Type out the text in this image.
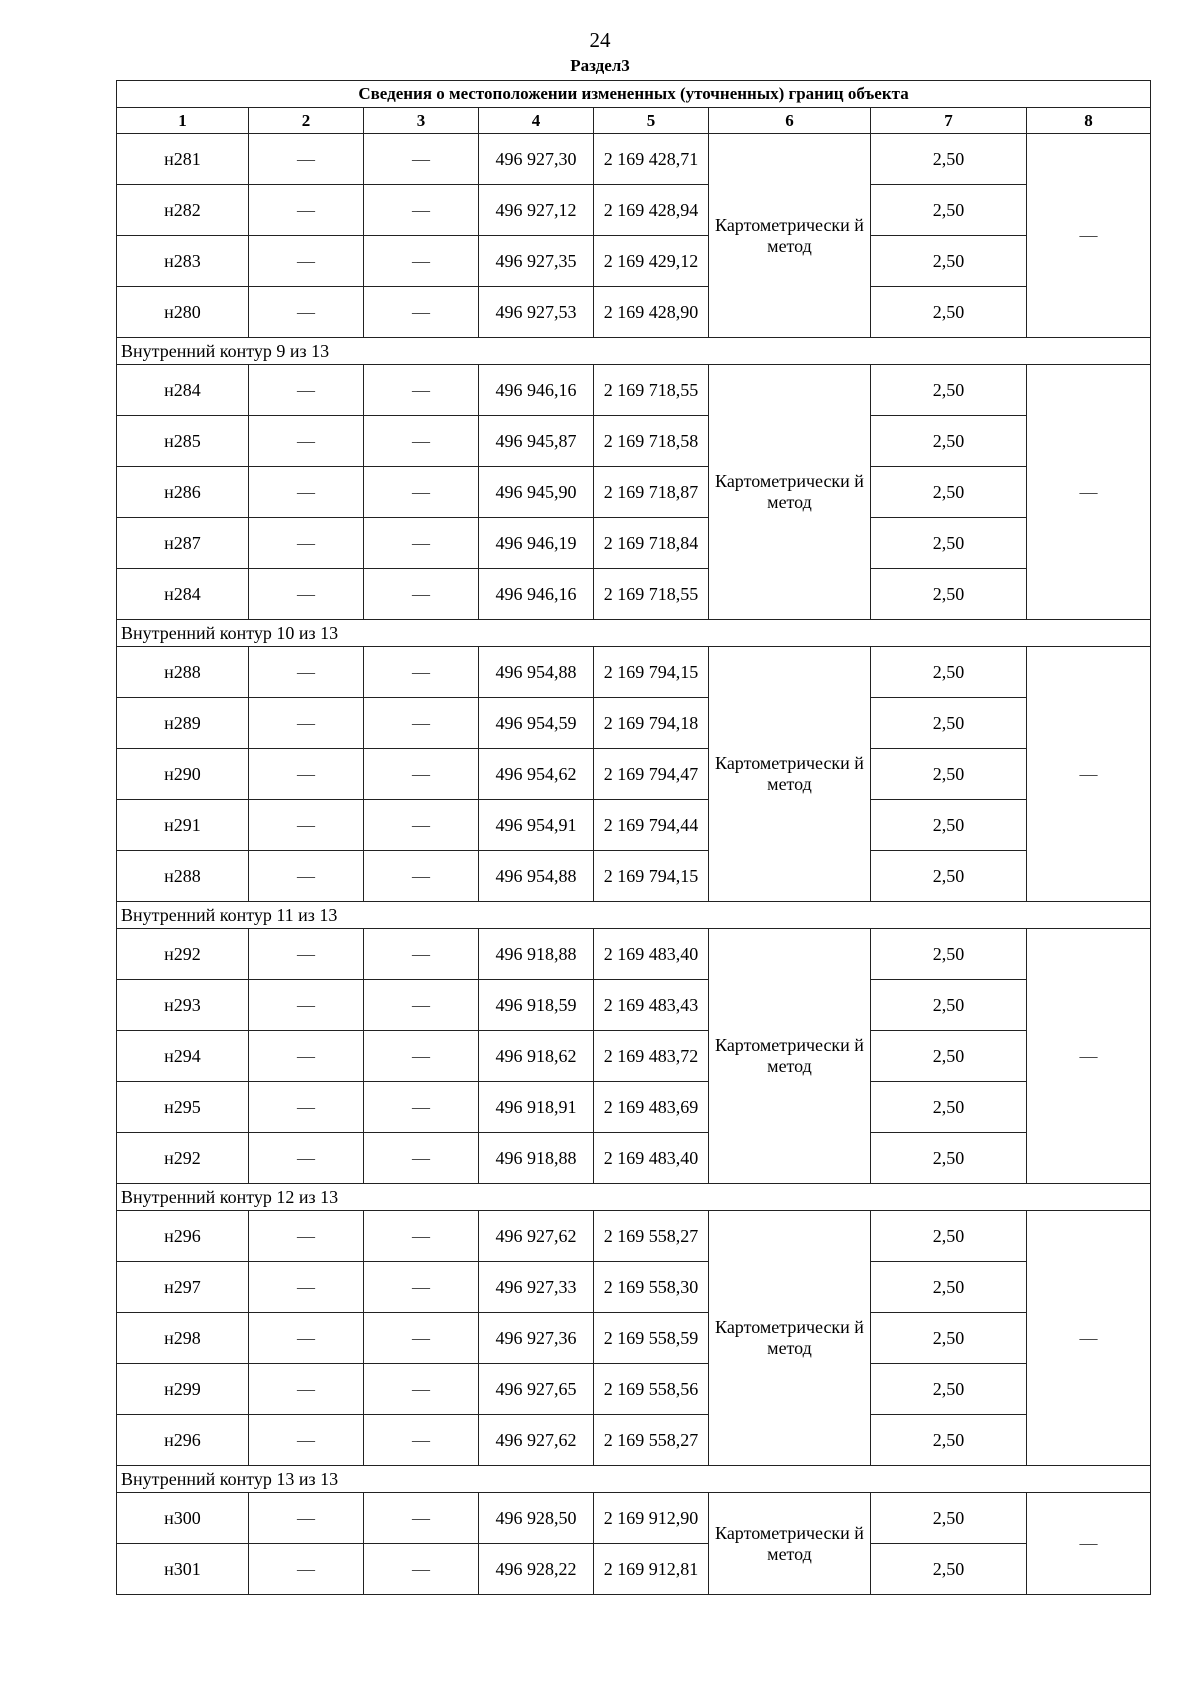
24
Раздел3
Сведения о местоположении измененных (уточненных) границ объекта							
1	2	3	4	5	6	7	8
н281	—	—	496 927,30	2 169 428,71	Картометрически й метод	2,50	—
н282	—	—	496 927,12	2 169 428,94		2,50	
н283	—	—	496 927,35	2 169 429,12		2,50	
н280	—	—	496 927,53	2 169 428,90		2,50	
Внутренний контур 9 из 13							
н284	—	—	496 946,16	2 169 718,55	Картометрически й метод	2,50	—
н285	—	—	496 945,87	2 169 718,58		2,50	
н286	—	—	496 945,90	2 169 718,87		2,50	
н287	—	—	496 946,19	2 169 718,84		2,50	
н284	—	—	496 946,16	2 169 718,55		2,50	
Внутренний контур 10 из 13							
н288	—	—	496 954,88	2 169 794,15	Картометрически й метод	2,50	—
н289	—	—	496 954,59	2 169 794,18		2,50	
н290	—	—	496 954,62	2 169 794,47		2,50	
н291	—	—	496 954,91	2 169 794,44		2,50	
н288	—	—	496 954,88	2 169 794,15		2,50	
Внутренний контур 11 из 13							
н292	—	—	496 918,88	2 169 483,40	Картометрически й метод	2,50	—
н293	—	—	496 918,59	2 169 483,43		2,50	
н294	—	—	496 918,62	2 169 483,72		2,50	
н295	—	—	496 918,91	2 169 483,69		2,50	
н292	—	—	496 918,88	2 169 483,40		2,50	
Внутренний контур 12 из 13							
н296	—	—	496 927,62	2 169 558,27	Картометрически й метод	2,50	—
н297	—	—	496 927,33	2 169 558,30		2,50	
н298	—	—	496 927,36	2 169 558,59		2,50	
н299	—	—	496 927,65	2 169 558,56		2,50	
н296	—	—	496 927,62	2 169 558,27		2,50	
Внутренний контур 13 из 13							
н300	—	—	496 928,50	2 169 912,90	Картометрически й метод	2,50	—
н301	—	—	496 928,22	2 169 912,81		2,50	
